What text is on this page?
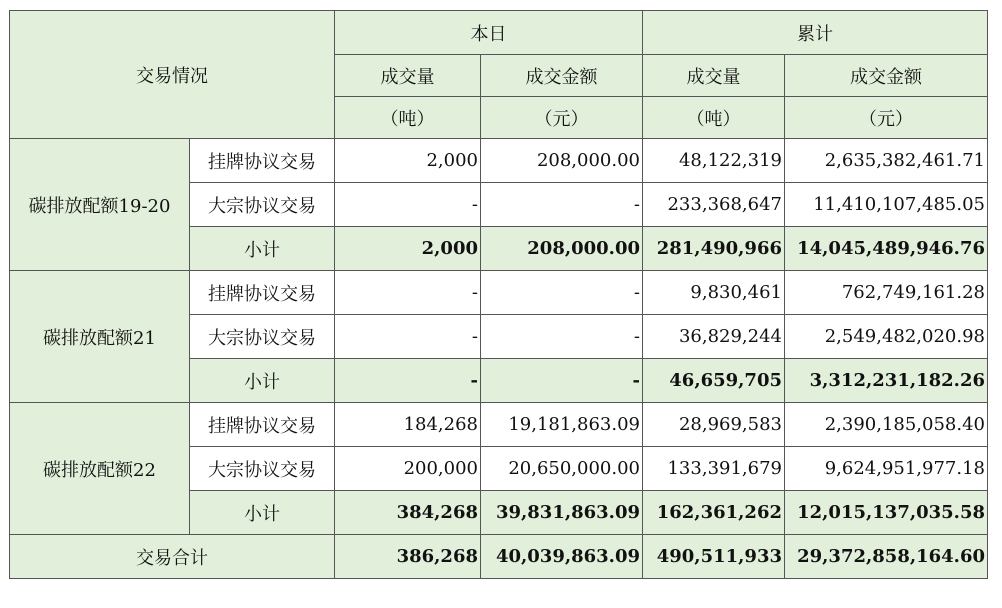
交易情况		本日		累计	
		成交量	成交金额	成交量	成交金额
		（吨）	（元）	（吨）	（元）
碳排放配额19-20	挂牌协议交易	2,000	208,000.00	48,122,319	2,635,382,461.71
	大宗协议交易	-	-	233,368,647	11,410,107,485.05
	小计	2,000	208,000.00	281,490,966	14,045,489,946.76
碳排放配额21	挂牌协议交易	-	-	9,830,461	762,749,161.28
	大宗协议交易	-	-	36,829,244	2,549,482,020.98
	小计	-	-	46,659,705	3,312,231,182.26
碳排放配额22	挂牌协议交易	184,268	19,181,863.09	28,969,583	2,390,185,058.40
	大宗协议交易	200,000	20,650,000.00	133,391,679	9,624,951,977.18
	小计	384,268	39,831,863.09	162,361,262	12,015,137,035.58
交易合计		386,268	40,039,863.09	490,511,933	29,372,858,164.60
